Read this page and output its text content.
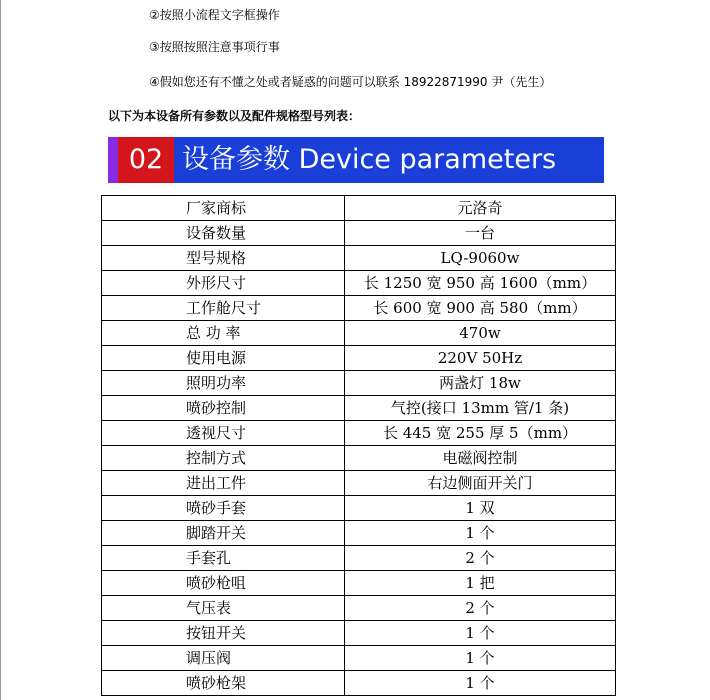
②按照小流程文字框操作
③按照按照注意事项行事
④假如您还有不懂之处或者疑惑的问题可以联系 18922871990 尹（先生）
以下为本设备所有参数以及配件规格型号列表：
02 设备参数 Device parameters
厂家商标	元洛奇
设备数量	一台
型号规格	LQ-9060w
外形尺寸	长 1250 宽 950 高 1600（mm）
工作舱尺寸	长 600 宽 900 高 580（mm）
总 功 率	470w
使用电源	220V 50Hz
照明功率	两盏灯 18w
喷砂控制	气控(接口 13mm 管/1 条)
透视尺寸	长 445 宽 255 厚 5（mm）
控制方式	电磁阀控制
进出工件	右边侧面开关门
喷砂手套	1 双
脚踏开关	1 个
手套孔	2 个
喷砂枪咀	1 把
气压表	2 个
按钮开关	1 个
调压阀	1 个
喷砂枪架	1 个
